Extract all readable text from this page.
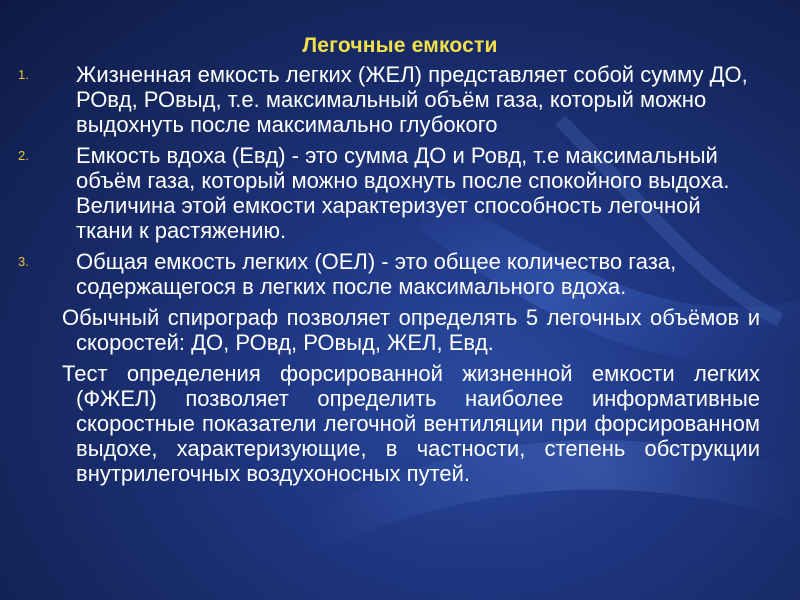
Легочные емкости
1. Жизненная емкость легких (ЖЕЛ) представляет собой сумму ДО, РОвд, РОвыд, т.е. максимальный объём газа, который можно выдохнуть после максимально глубокого
2. Емкость вдоха (Евд) - это сумма ДО и Ровд, т.е максимальный объём газа, который можно вдохнуть после спокойного выдоха. Величина этой емкости характеризует способность легочной ткани к растяжению.
3. Общая емкость легких (ОЕЛ) - это общее количество газа, содержащегося в легких после максимального вдоха.
Обычный спирограф позволяет определять 5 легочных объёмов и скоростей: ДО, РОвд, РОвыд, ЖЕЛ, Евд.
Тест определения форсированной жизненной емкости легких (ФЖЕЛ) позволяет определить наиболее информативные скоростные показатели легочной вентиляции при форсированном выдохе, характеризующие, в частности, степень обструкции внутрилегочных воздухоносных путей.
